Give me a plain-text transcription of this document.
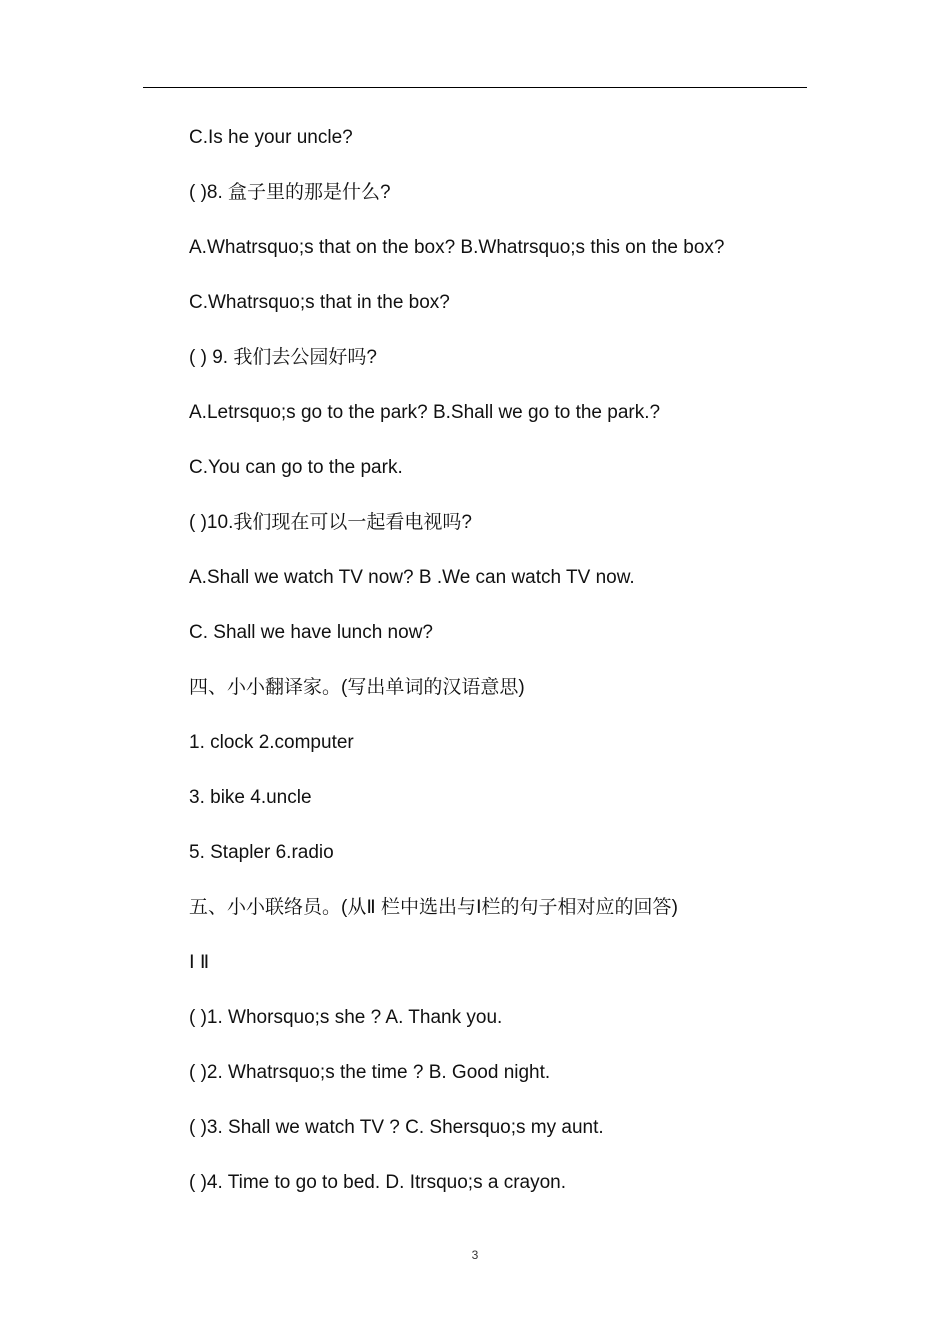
C.Is he your uncle?
( )8. 盒子里的那是什么?
A.Whatrsquo;s that on the box? B.Whatrsquo;s this on the box?
C.Whatrsquo;s that in the box?
( ) 9. 我们去公园好吗?
A.Letrsquo;s go to the park? B.Shall we go to the park.?
C.You can go to the park.
( )10.我们现在可以一起看电视吗?
A.Shall we watch TV now? B .We can watch TV now.
C. Shall we have lunch now?
四、小小翻译家。(写出单词的汉语意思)
1. clock 2.computer
3. bike 4.uncle
5. Stapler 6.radio
五、小小联络员。(从Ⅱ 栏中选出与Ⅰ栏的句子相对应的回答)
Ⅰ Ⅱ
( )1. Whorsquo;s she ? A. Thank you.
( )2. Whatrsquo;s the time ? B. Good night.
( )3. Shall we watch TV ? C. Shersquo;s my aunt.
( )4. Time to go to bed. D. Itrsquo;s a crayon.
3
